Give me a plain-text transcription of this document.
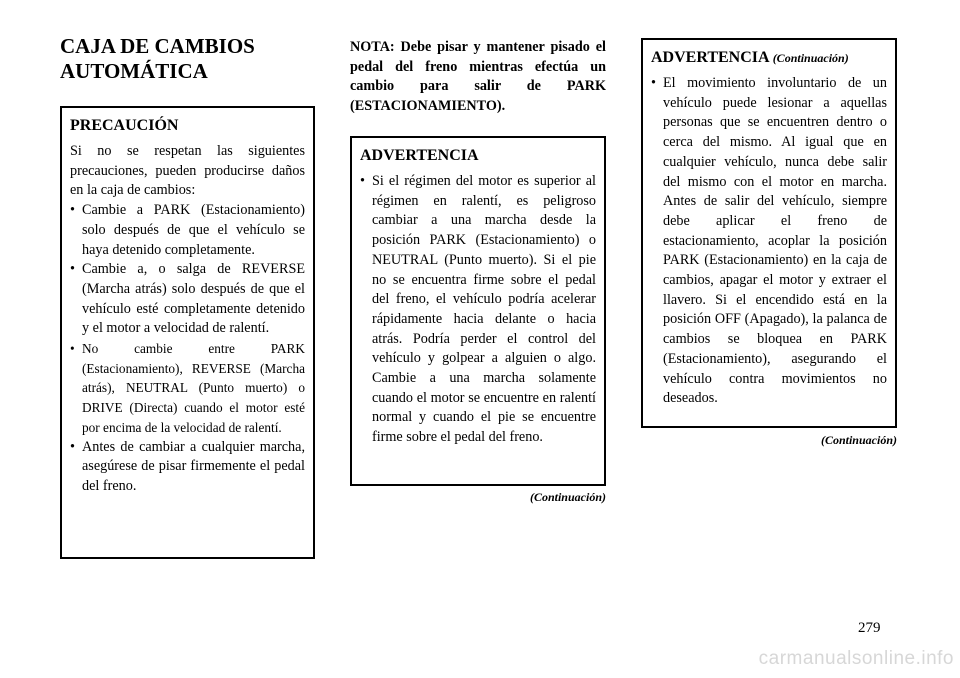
CAJA DE CAMBIOS AUTOMÁTICA

PRECAUCIÓN

Si no se respetan las siguientes precauciones, pueden producirse daños en la caja de cambios:

• Cambie a PARK (Estacionamiento) solo después de que el vehículo se haya detenido completamente.
• Cambie a, o salga de REVERSE (Marcha atrás) solo después de que el vehículo esté completamente detenido y el motor a velocidad de ralentí.
• No cambie entre PARK (Estacionamiento), REVERSE (Marcha atrás), NEUTRAL (Punto muerto) o DRIVE (Directa) cuando el motor esté por encima de la velocidad de ralentí.
• Antes de cambiar a cualquier marcha, asegúrese de pisar firmemente el pedal del freno.

NOTA: Debe pisar y mantener pisado el pedal del freno mientras efectúa un cambio para salir de PARK (ESTACIONAMIENTO).

ADVERTENCIA

• Si el régimen del motor es superior al régimen en ralentí, es peligroso cambiar a una marcha desde la posición PARK (Estacionamiento) o NEUTRAL (Punto muerto). Si el pie no se encuentra firme sobre el pedal del freno, el vehículo podría acelerar rápidamente hacia delante o hacia atrás. Podría perder el control del vehículo y golpear a alguien o algo. Cambie a una marcha solamente cuando el motor se encuentre en ralentí normal y cuando el pie se encuentre firme sobre el pedal del freno.

(Continuación)

ADVERTENCIA (Continuación)

• El movimiento involuntario de un vehículo puede lesionar a aquellas personas que se encuentren dentro o cerca del mismo. Al igual que en cualquier vehículo, nunca debe salir del mismo con el motor en marcha. Antes de salir del vehículo, siempre debe aplicar el freno de estacionamiento, acoplar la posición PARK (Estacionamiento) en la caja de cambios, apagar el motor y extraer el llavero. Si el encendido está en la posición OFF (Apagado), la palanca de cambios se bloquea en PARK (Estacionamiento), asegurando el vehículo contra movimientos no deseados.

(Continuación)

279

carmanualsonline.info
